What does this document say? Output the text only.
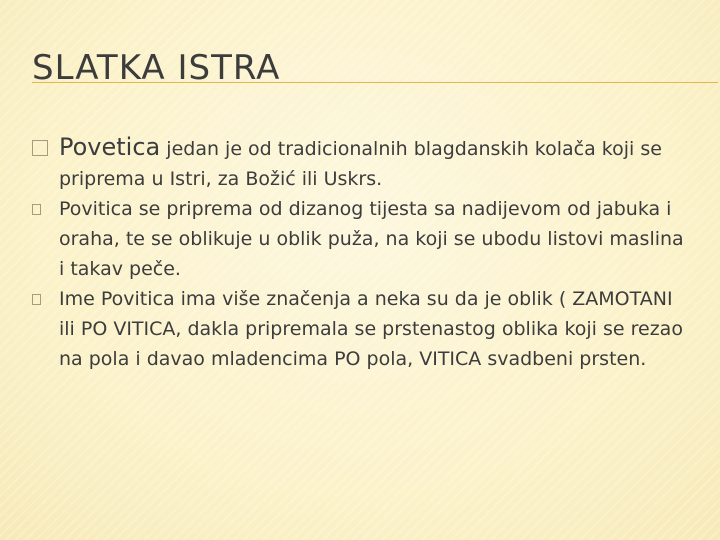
SLATKA ISTRA
Povetica jedan je od tradicionalnih blagdanskih kolača koji se priprema u Istri, za Božić ili Uskrs.
Povitica se priprema od dizanog tijesta sa nadijevom od jabuka i oraha, te se oblikuje u oblik puža, na koji se ubodu listovi maslina i takav peče.
Ime Povitica ima više značenja a neka su da je oblik ( ZAMOTANI ili PO VITICA, dakla pripremala se prstenastog oblika koji se rezao na pola i davao mladencima PO pola, VITICA svadbeni prsten.
